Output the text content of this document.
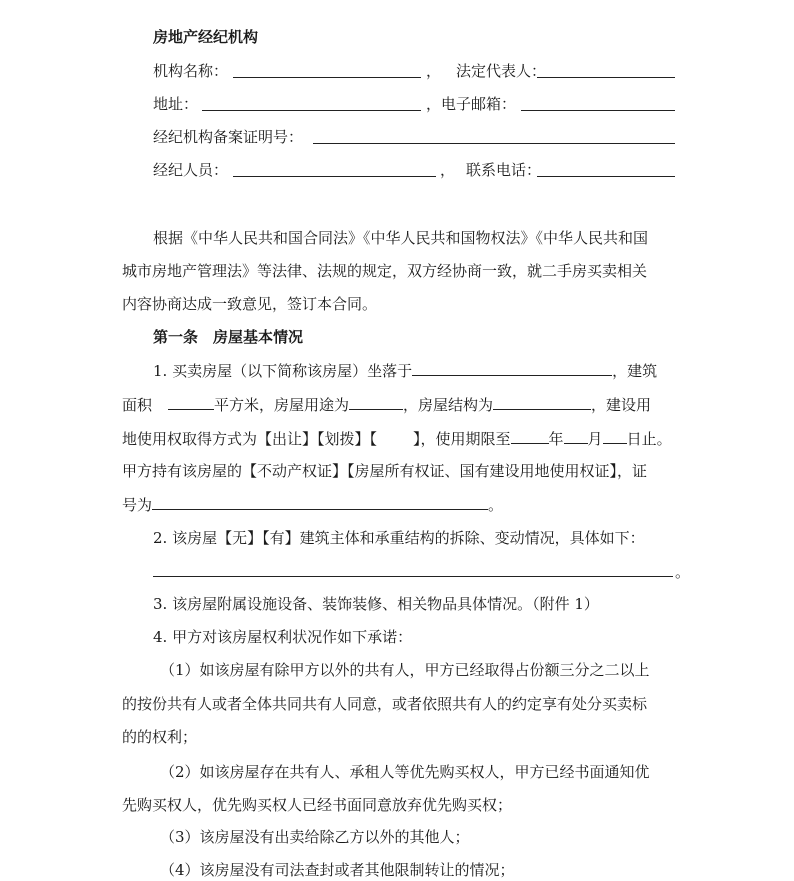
房地产经纪机构
机构名称：	， 法定代表人：
地址：	， 电子邮箱：
经纪机构备案证明号：
经纪人员：	， 联系电话：
根据《中华人民共和国合同法》《中华人民共和国物权法》《中华人民共和国
城市房地产管理法》等法律、法规的规定，双方经协商一致，就二手房买卖相关
内容协商达成一致意见，签订本合同。
第一条　房屋基本情况
1. 买卖房屋（以下简称该房屋）坐落于	，建筑
面积	平方米，房屋用途为	，房屋结构为	，建设用
地使用权取得方式为【出让】【划拨】【 】，使用期限至	年 月 日止。
甲方持有该房屋的【不动产权证】【房屋所有权证、国有建设用地使用权证】，证
号为	。
2. 该房屋【无】【有】建筑主体和承重结构的拆除、变动情况，具体如下：
。
3. 该房屋附属设施设备、装饰装修、相关物品具体情况。（附件 1）
4. 甲方对该房屋权利状况作如下承诺：
（1）如该房屋有除甲方以外的共有人，甲方已经取得占份额三分之二以上
的按份共有人或者全体共同共有人同意，或者依照共有人的约定享有处分买卖标
的的权利；
（2）如该房屋存在共有人、承租人等优先购买权人，甲方已经书面通知优
先购买权人，优先购买权人已经书面同意放弃优先购买权；
（3）该房屋没有出卖给除乙方以外的其他人；
（4）该房屋没有司法查封或者其他限制转让的情况；
